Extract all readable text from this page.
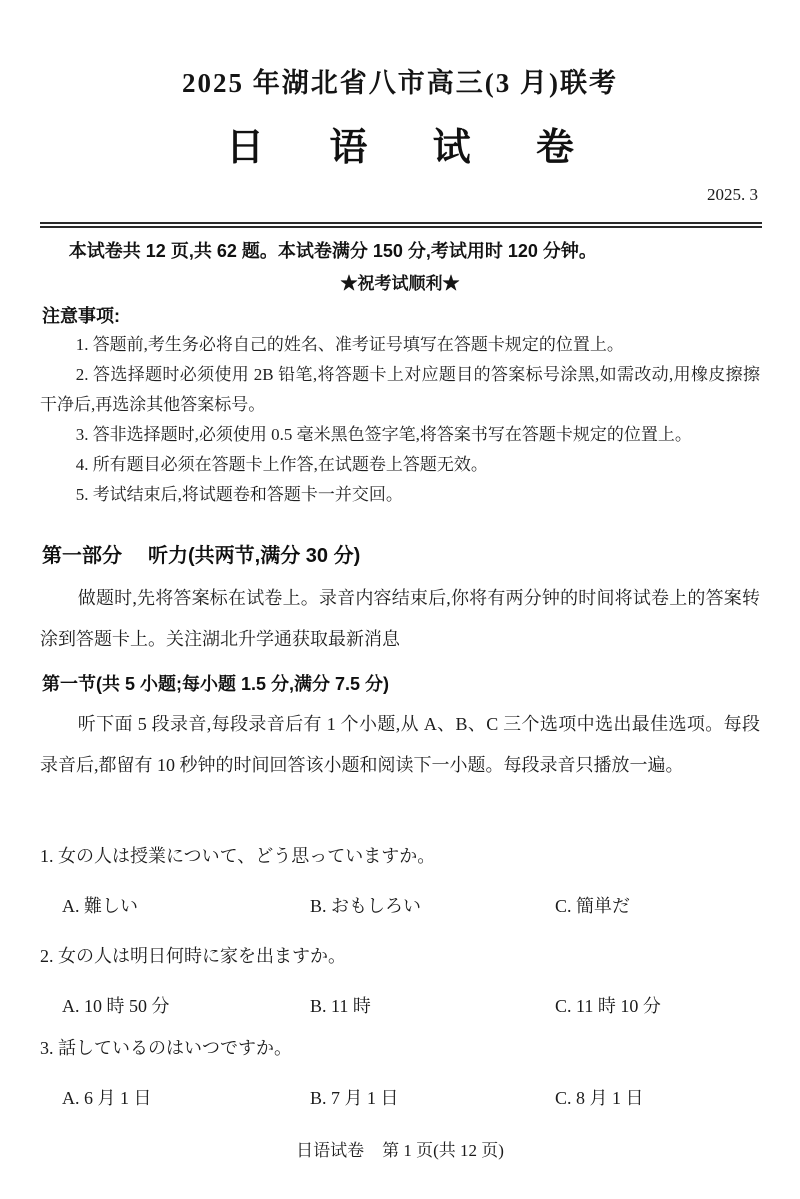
2025 年湖北省八市高三(3 月)联考
日 语 试 卷
2025. 3
本试卷共 12 页,共 62 题。本试卷满分 150 分,考试用时 120 分钟。
★祝考试顺利★
注意事项:

1. 答题前,考生务必将自己的姓名、准考证号填写在答题卡规定的位置上。

2. 答选择题时必须使用 2B 铅笔,将答题卡上对应题目的答案标号涂黑,如需改动,用橡皮擦擦干净后,再选涂其他答案标号。

3. 答非选择题时,必须使用 0.5 毫米黑色签字笔,将答案书写在答题卡规定的位置上。

4. 所有题目必须在答题卡上作答,在试题卷上答题无效。

5. 考试结束后,将试题卷和答题卡一并交回。

第一部分 听力(共两节,满分 30 分)
做题时,先将答案标在试卷上。录音内容结束后,你将有两分钟的时间将试卷上的答案转涂到答题卡上。关注湖北升学通获取最新消息
第一节(共 5 小题;每小题 1.5 分,满分 7.5 分)
听下面 5 段录音,每段录音后有 1 个小题,从 A、B、C 三个选项中选出最佳选项。每段录音后,都留有 10 秒钟的时间回答该小题和阅读下一小题。每段录音只播放一遍。
1. 女の人は授業について、どう思っていますか。
A. 難しい	B. おもしろい	C. 簡単だ
2. 女の人は明日何時に家を出ますか。
A. 10 時 50 分	B. 11 時	C. 11 時 10 分
3. 話しているのはいつですか。
A. 6 月 1 日	B. 7 月 1 日	C. 8 月 1 日
日语试卷 第 1 页(共 12 页)
